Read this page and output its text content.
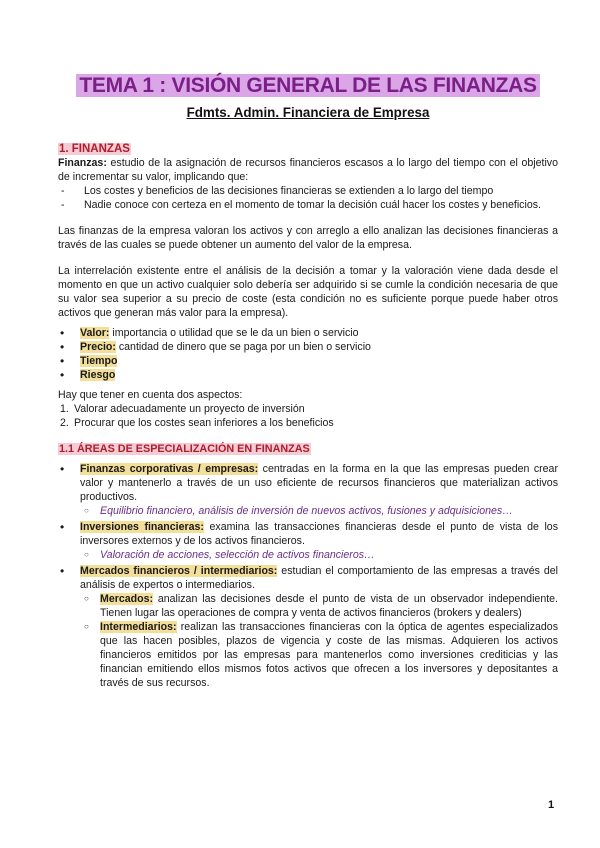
TEMA 1 : VISIÓN GENERAL DE LAS FINANZAS
Fdmts. Admin. Financiera de Empresa
1. FINANZAS

Finanzas: estudio de la asignación de recursos financieros escasos a lo largo del tiempo con el objetivo de incrementar su valor, implicando que:

- Los costes y beneficios de las decisiones financieras se extienden a lo largo del tiempo
- Nadie conoce con certeza en el momento de tomar la decisión cuál hacer los costes y beneficios.

Las finanzas de la empresa valoran los activos y con arreglo a ello analizan las decisiones financieras a través de las cuales se puede obtener un aumento del valor de la empresa.

La interrelación existente entre el análisis de la decisión a tomar y la valoración viene dada desde el momento en que un activo cualquier solo debería ser adquirido si se cumle la condición necesaria de que su valor sea superior a su precio de coste (esta condición no es suficiente porque puede haber otros activos que generan más valor para la empresa).

• Valor: importancia o utilidad que se le da un bien o servicio
• Precio: cantidad de dinero que se paga por un bien o servicio
• Tiempo
• Riesgo

Hay que tener en cuenta dos aspectos:

1. Valorar adecuadamente un proyecto de inversión
2. Procurar que los costes sean inferiores a los beneficios
1.1 ÁREAS DE ESPECIALIZACIÓN EN FINANZAS
• Finanzas corporativas / empresas: centradas en la forma en la que las empresas pueden crear valor y mantenerlo a través de un uso eficiente de recursos financieros que materializan activos productivos.
○ Equilibrio financiero, análisis de inversión de nuevos activos, fusiones y adquisiciones…
• Inversiones financieras: examina las transacciones financieras desde el punto de vista de los inversores externos y de los activos financieros.
○ Valoración de acciones, selección de activos financieros…
• Mercados financieros / intermediarios: estudian el comportamiento de las empresas a través del análisis de expertos o intermediarios.
○ Mercados: analizan las decisiones desde el punto de vista de un observador independiente. Tienen lugar las operaciones de compra y venta de activos financieros (brokers y dealers)
○ Intermediarios: realizan las transacciones financieras con la óptica de agentes especializados que las hacen posibles, plazos de vigencia y coste de las mismas. Adquieren los activos financieros emitidos por las empresas para mantenerlos como inversiones crediticias y las financian emitiendo ellos mismos fotos activos que ofrecen a los inversores y depositantes a través de sus recursos.
1
